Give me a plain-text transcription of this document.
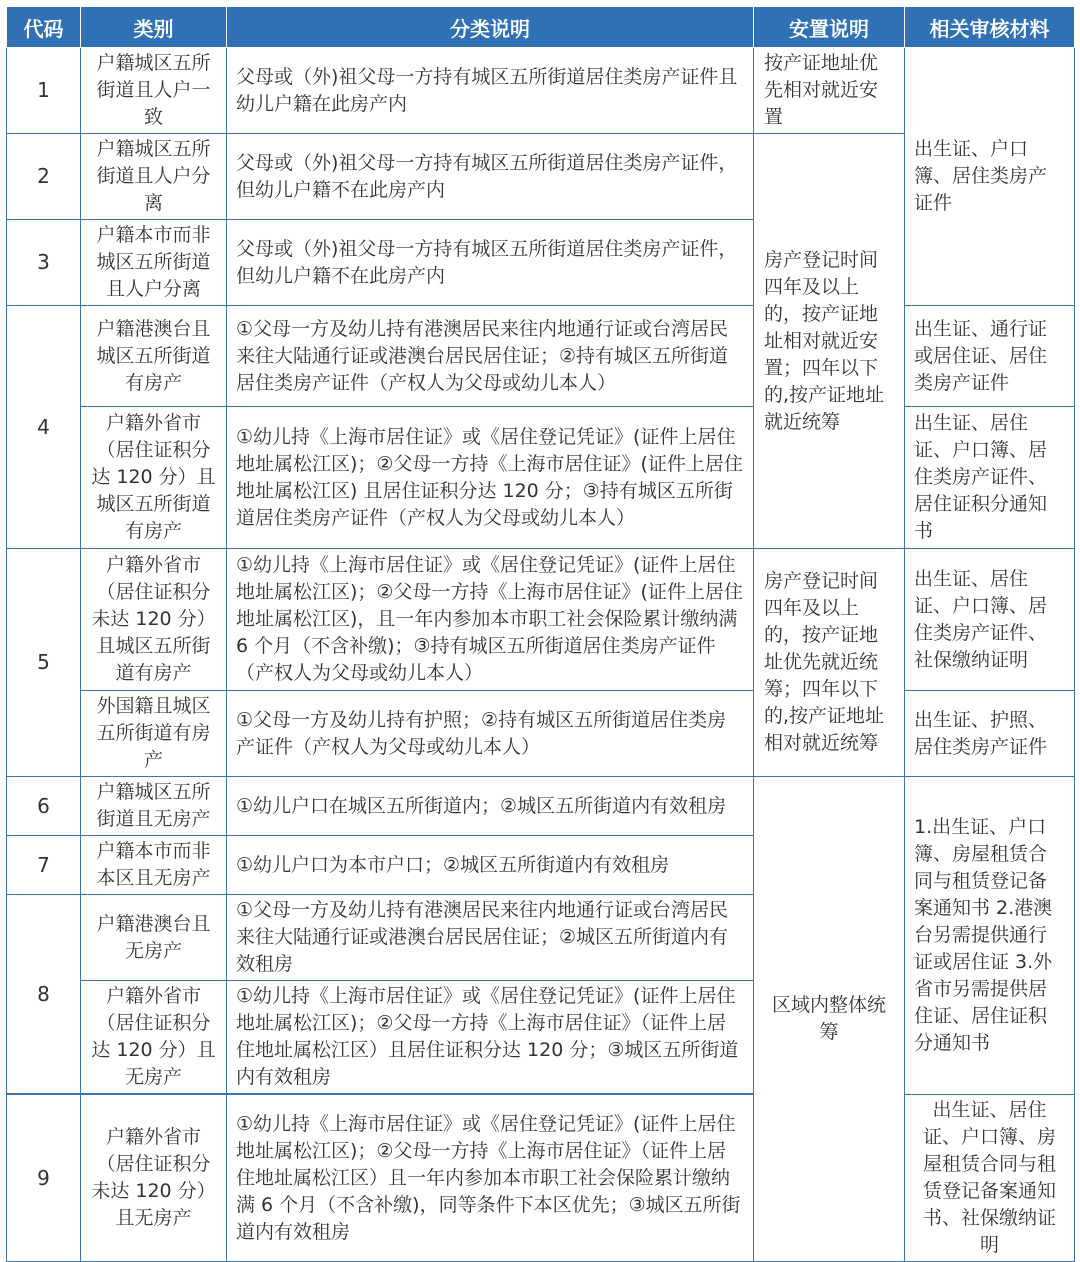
代码	类别	分类说明	安置说明	相关审核材料
1	户籍城区五所街道且人户一致	父母或（外)祖父母一方持有城区五所街道居住类房产证件且幼儿户籍在此房产内	按产证地址优先相对就近安置	出生证、户口簿、居住类房产证件
2	户籍城区五所街道且人户分离	父母或（外)祖父母一方持有城区五所街道居住类房产证件，但幼儿户籍不在此房产内	房产登记时间四年及以上的，按产证地址相对就近安置；四年以下的,按产证地址就近统筹	
3	户籍本市而非城区五所街道且人户分离	父母或（外)祖父母一方持有城区五所街道居住类房产证件，但幼儿户籍不在此房产内		
4	户籍港澳台且城区五所街道有房产	①父母一方及幼儿持有港澳居民来往内地通行证或台湾居民来往大陆通行证或港澳台居民居住证；②持有城区五所街道居住类房产证件（产权人为父母或幼儿本人）		出生证、通行证或居住证、居住类房产证件
	户籍外省市（居住证积分达 120 分）且城区五所街道有房产	①幼儿持《上海市居住证》或《居住登记凭证》(证件上居住地址属松江区)；②父母一方持《上海市居住证》(证件上居住地址属松江区) 且居住证积分达 120 分；③持有城区五所街道居住类房产证件（产权人为父母或幼儿本人）		出生证、居住证、户口簿、居住类房产证件、居住证积分通知书
5	户籍外省市（居住证积分未达 120 分）且城区五所街道有房产	①幼儿持《上海市居住证》或《居住登记凭证》(证件上居住地址属松江区)；②父母一方持《上海市居住证》(证件上居住地址属松江区)，且一年内参加本市职工社会保险累计缴纳满 6 个月（不含补缴)；③持有城区五所街道居住类房产证件（产权人为父母或幼儿本人）	房产登记时间四年及以上的，按产证地址优先就近统筹；四年以下的,按产证地址相对就近统筹	出生证、居住证、户口簿、居住类房产证件、社保缴纳证明
	外国籍且城区五所街道有房产	①父母一方及幼儿持有护照；②持有城区五所街道居住类房产证件（产权人为父母或幼儿本人）		出生证、护照、居住类房产证件
6	户籍城区五所街道且无房产	①幼儿户口在城区五所街道内；②城区五所街道内有效租房	区域内整体统筹	1.出生证、户口簿、房屋租赁合同与租赁登记备案通知书 2.港澳台另需提供通行证或居住证 3.外省市另需提供居住证、居住证积分通知书
7	户籍本市而非本区且无房产	①幼儿户口为本市户口；②城区五所街道内有效租房		
8	户籍港澳台且无房产	①父母一方及幼儿持有港澳居民来往内地通行证或台湾居民来往大陆通行证或港澳台居民居住证；②城区五所街道内有效租房		
	户籍外省市（居住证积分达 120 分）且无房产	①幼儿持《上海市居住证》或《居住登记凭证》(证件上居住地址属松江区)；②父母一方持《上海市居住证》（证件上居住地址属松江区）且居住证积分达 120 分；③城区五所街道内有效租房		

9	户籍外省市（居住证积分未达 120 分）且无房产	①幼儿持《上海市居住证》或《居住登记凭证》(证件上居住地址属松江区)；②父母一方持《上海市居住证》（证件上居住地址属松江区）且一年内参加本市职工社会保险累计缴纳满 6 个月（不含补缴)，同等条件下本区优先；③城区五所街道内有效租房		出生证、居住证、户口簿、房屋租赁合同与租赁登记备案通知书、社保缴纳证明
